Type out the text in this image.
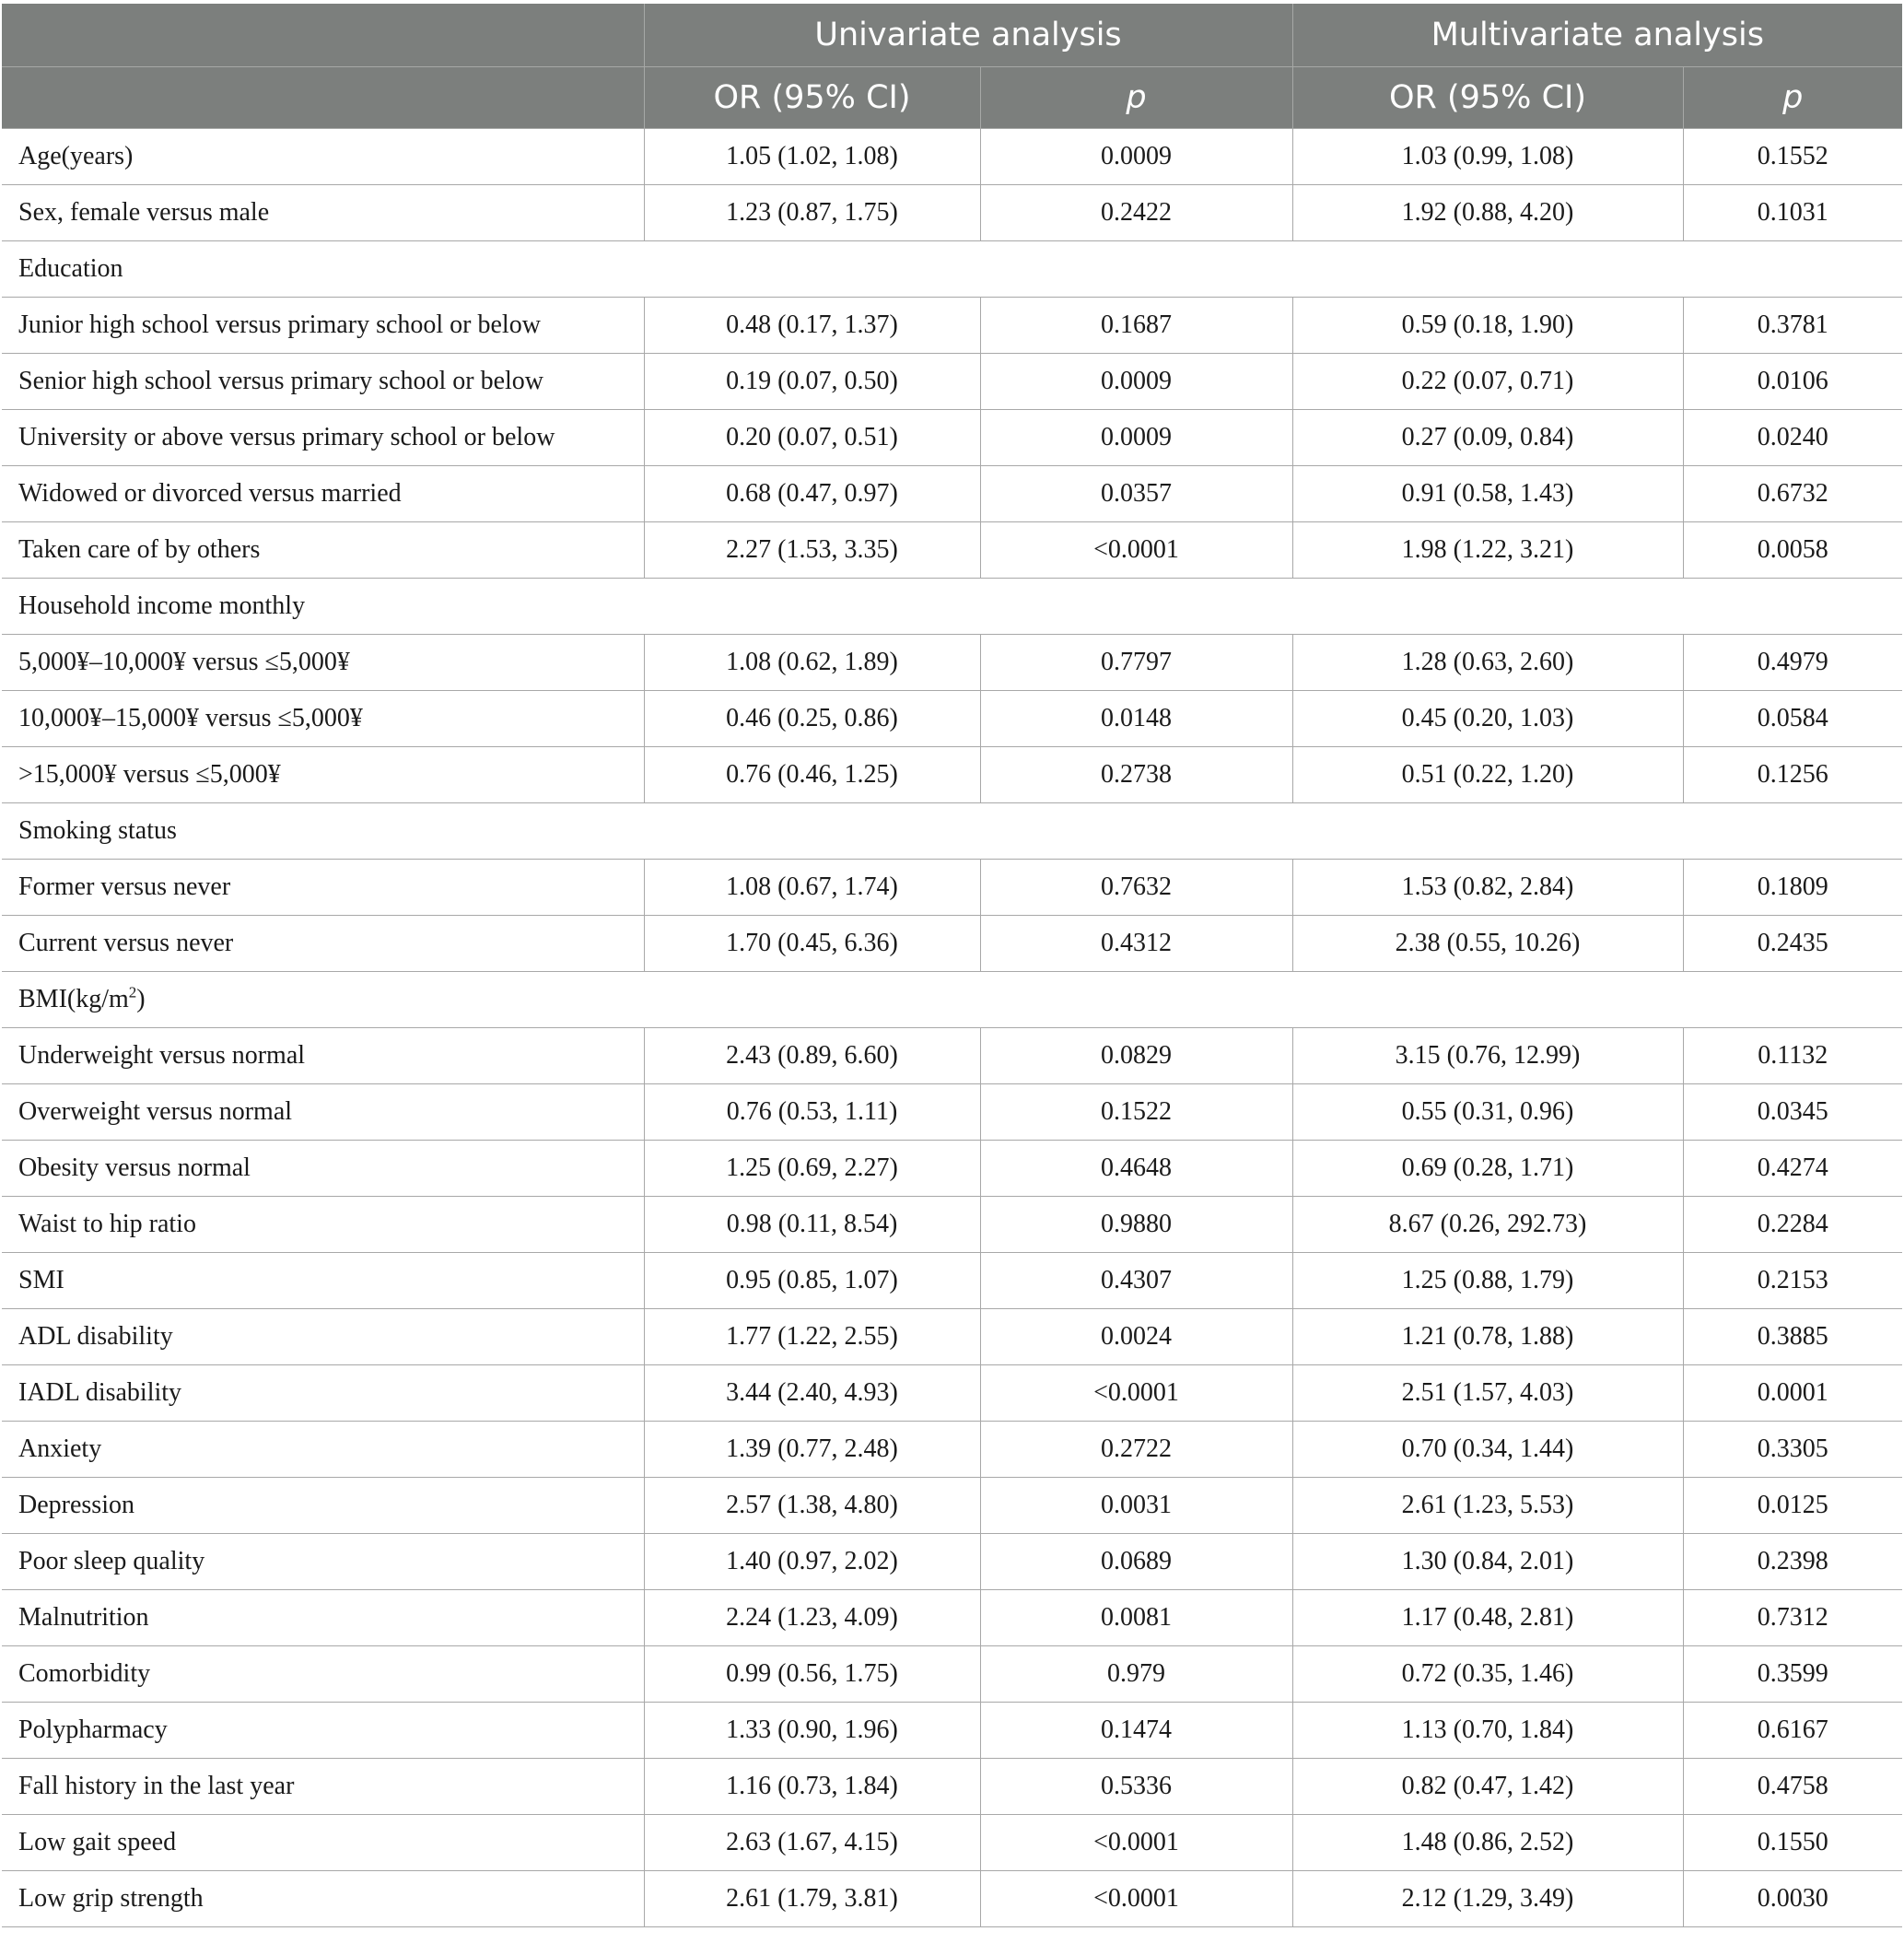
	Univariate analysis		Multivariate analysis	
	OR (95% CI)	p	OR (95% CI)	p
Age(years)	1.05 (1.02, 1.08)	0.0009	1.03 (0.99, 1.08)	0.1552
Sex, female versus male	1.23 (0.87, 1.75)	0.2422	1.92 (0.88, 4.20)	0.1031
Education				
Junior high school versus primary school or below	0.48 (0.17, 1.37)	0.1687	0.59 (0.18, 1.90)	0.3781
Senior high school versus primary school or below	0.19 (0.07, 0.50)	0.0009	0.22 (0.07, 0.71)	0.0106
University or above versus primary school or below	0.20 (0.07, 0.51)	0.0009	0.27 (0.09, 0.84)	0.0240
Widowed or divorced versus married	0.68 (0.47, 0.97)	0.0357	0.91 (0.58, 1.43)	0.6732
Taken care of by others	2.27 (1.53, 3.35)	<0.0001	1.98 (1.22, 3.21)	0.0058
Household income monthly				
5,000¥–10,000¥ versus ≤5,000¥	1.08 (0.62, 1.89)	0.7797	1.28 (0.63, 2.60)	0.4979
10,000¥–15,000¥ versus ≤5,000¥	0.46 (0.25, 0.86)	0.0148	0.45 (0.20, 1.03)	0.0584
>15,000¥ versus ≤5,000¥	0.76 (0.46, 1.25)	0.2738	0.51 (0.22, 1.20)	0.1256
Smoking status				
Former versus never	1.08 (0.67, 1.74)	0.7632	1.53 (0.82, 2.84)	0.1809
Current versus never	1.70 (0.45, 6.36)	0.4312	2.38 (0.55, 10.26)	0.2435
$BMI(kg/m^2)$				
Underweight versus normal	2.43 (0.89, 6.60)	0.0829	3.15 (0.76, 12.99)	0.1132
Overweight versus normal	0.76 (0.53, 1.11)	0.1522	0.55 (0.31, 0.96)	0.0345
Obesity versus normal	1.25 (0.69, 2.27)	0.4648	0.69 (0.28, 1.71)	0.4274
Waist to hip ratio	0.98 (0.11, 8.54)	0.9880	8.67 (0.26, 292.73)	0.2284
SMI	0.95 (0.85, 1.07)	0.4307	1.25 (0.88, 1.79)	0.2153
ADL disability	1.77 (1.22, 2.55)	0.0024	1.21 (0.78, 1.88)	0.3885
IADL disability	3.44 (2.40, 4.93)	<0.0001	2.51 (1.57, 4.03)	0.0001
Anxiety	1.39 (0.77, 2.48)	0.2722	0.70 (0.34, 1.44)	0.3305
Depression	2.57 (1.38, 4.80)	0.0031	2.61 (1.23, 5.53)	0.0125
Poor sleep quality	1.40 (0.97, 2.02)	0.0689	1.30 (0.84, 2.01)	0.2398
Malnutrition	2.24 (1.23, 4.09)	0.0081	1.17 (0.48, 2.81)	0.7312
Comorbidity	0.99 (0.56, 1.75)	0.979	0.72 (0.35, 1.46)	0.3599
Polypharmacy	1.33 (0.90, 1.96)	0.1474	1.13 (0.70, 1.84)	0.6167
Fall history in the last year	1.16 (0.73, 1.84)	0.5336	0.82 (0.47, 1.42)	0.4758
Low gait speed	2.63 (1.67, 4.15)	<0.0001	1.48 (0.86, 2.52)	0.1550
Low grip strength	2.61 (1.79, 3.81)	<0.0001	2.12 (1.29, 3.49)	0.0030
